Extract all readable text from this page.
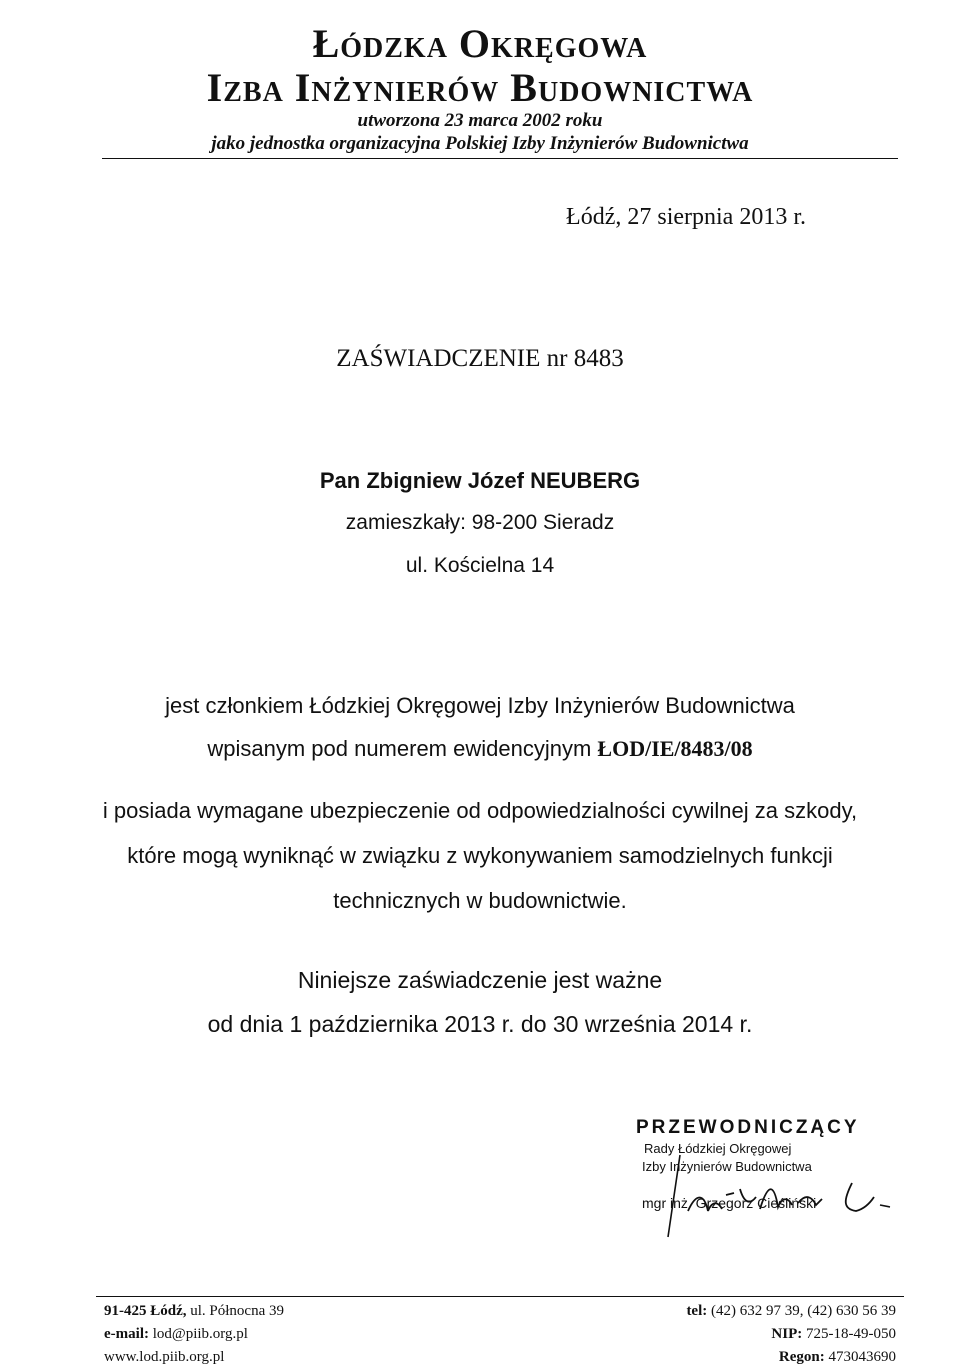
Łódzka Okręgowa
Izba Inżynierów Budownictwa
utworzona 23 marca 2002 roku
jako jednostka organizacyjna Polskiej Izby Inżynierów Budownictwa
Łódź, 27 sierpnia 2013 r.
ZAŚWIADCZENIE nr 8483
Pan Zbigniew Józef NEUBERG
zamieszkały: 98-200 Sieradz
ul. Kościelna 14
jest członkiem Łódzkiej Okręgowej Izby Inżynierów Budownictwa
wpisanym pod numerem ewidencyjnym ŁOD/IE/8483/08
i posiada wymagane ubezpieczenie od odpowiedzialności cywilnej za szkody,
które mogą wyniknąć w związku z wykonywaniem samodzielnych funkcji
technicznych w budownictwie.
Niniejsze zaświadczenie jest ważne
od dnia 1 października 2013 r. do 30 września 2014 r.
PRZEWODNICZĄCY
Rady Łódzkiej Okręgowej
Izby Inżynierów Budownictwa
mgr inż. Grzegorz Cieśliński
91-425 Łódź, ul. Północna 39
e-mail: lod@piib.org.pl
www.lod.piib.org.pl
tel: (42) 632 97 39, (42) 630 56 39
NIP: 725-18-49-050
Regon: 473043690
